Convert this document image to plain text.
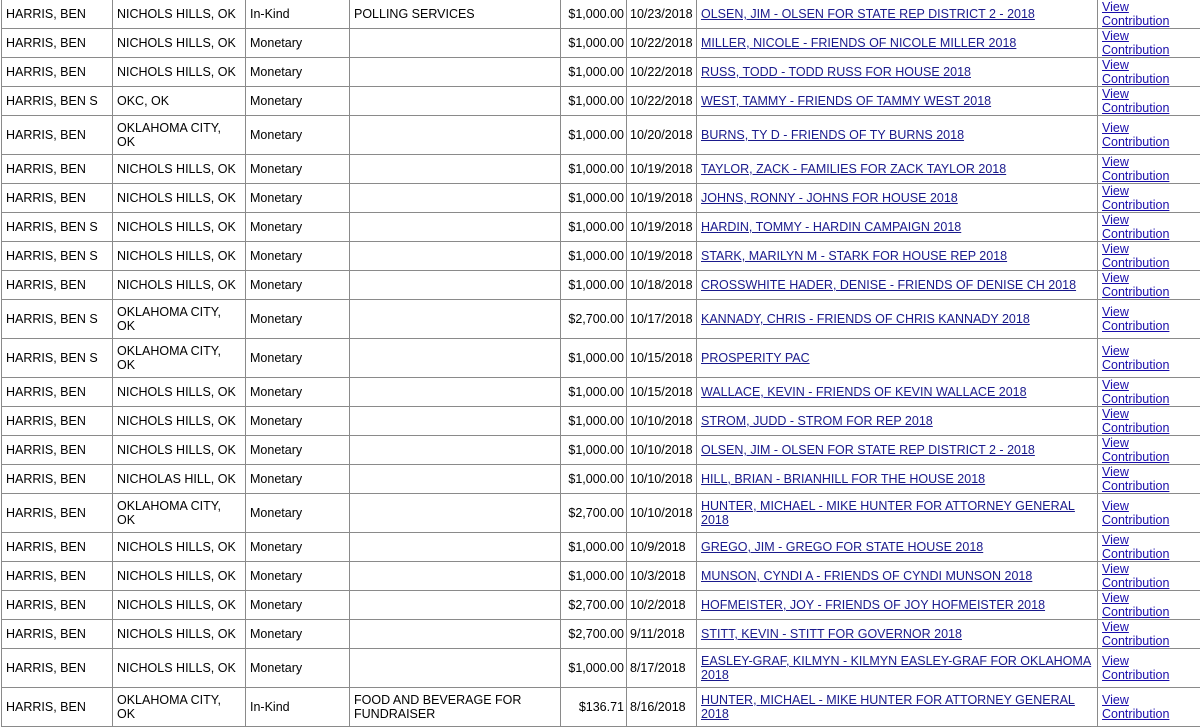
HARRIS, BEN	NICHOLS HILLS, OK	In-Kind	POLLING SERVICES	$1,000.00	10/23/2018	OLSEN, JIM - OLSEN FOR STATE REP DISTRICT 2 - 2018	View Contribution
HARRIS, BEN	NICHOLS HILLS, OK	Monetary		$1,000.00	10/22/2018	MILLER, NICOLE - FRIENDS OF NICOLE MILLER 2018	View Contribution
HARRIS, BEN	NICHOLS HILLS, OK	Monetary		$1,000.00	10/22/2018	RUSS, TODD - TODD RUSS FOR HOUSE 2018	View Contribution
HARRIS, BEN S	OKC, OK	Monetary		$1,000.00	10/22/2018	WEST, TAMMY - FRIENDS OF TAMMY WEST 2018	View Contribution
HARRIS, BEN	OKLAHOMA CITY, OK	Monetary		$1,000.00	10/20/2018	BURNS, TY D - FRIENDS OF TY BURNS 2018	View Contribution
HARRIS, BEN	NICHOLS HILLS, OK	Monetary		$1,000.00	10/19/2018	TAYLOR, ZACK - FAMILIES FOR ZACK TAYLOR 2018	View Contribution
HARRIS, BEN	NICHOLS HILLS, OK	Monetary		$1,000.00	10/19/2018	JOHNS, RONNY - JOHNS FOR HOUSE 2018	View Contribution
HARRIS, BEN S	NICHOLS HILLS, OK	Monetary		$1,000.00	10/19/2018	HARDIN, TOMMY - HARDIN CAMPAIGN 2018	View Contribution
HARRIS, BEN S	NICHOLS HILLS, OK	Monetary		$1,000.00	10/19/2018	STARK, MARILYN M - STARK FOR HOUSE REP 2018	View Contribution
HARRIS, BEN	NICHOLS HILLS, OK	Monetary		$1,000.00	10/18/2018	CROSSWHITE HADER, DENISE - FRIENDS OF DENISE CH 2018	View Contribution
HARRIS, BEN S	OKLAHOMA CITY, OK	Monetary		$2,700.00	10/17/2018	KANNADY, CHRIS - FRIENDS OF CHRIS KANNADY 2018	View Contribution
HARRIS, BEN S	OKLAHOMA CITY, OK	Monetary		$1,000.00	10/15/2018	PROSPERITY PAC	View Contribution
HARRIS, BEN	NICHOLS HILLS, OK	Monetary		$1,000.00	10/15/2018	WALLACE, KEVIN - FRIENDS OF KEVIN WALLACE 2018	View Contribution
HARRIS, BEN	NICHOLS HILLS, OK	Monetary		$1,000.00	10/10/2018	STROM, JUDD - STROM FOR REP 2018	View Contribution
HARRIS, BEN	NICHOLS HILLS, OK	Monetary		$1,000.00	10/10/2018	OLSEN, JIM - OLSEN FOR STATE REP DISTRICT 2 - 2018	View Contribution
HARRIS, BEN	NICHOLAS HILL, OK	Monetary		$1,000.00	10/10/2018	HILL, BRIAN - BRIANHILL FOR THE HOUSE 2018	View Contribution
HARRIS, BEN	OKLAHOMA CITY, OK	Monetary		$2,700.00	10/10/2018	HUNTER, MICHAEL - MIKE HUNTER FOR ATTORNEY GENERAL 2018	View Contribution
HARRIS, BEN	NICHOLS HILLS, OK	Monetary		$1,000.00	10/9/2018	GREGO, JIM - GREGO FOR STATE HOUSE 2018	View Contribution
HARRIS, BEN	NICHOLS HILLS, OK	Monetary		$1,000.00	10/3/2018	MUNSON, CYNDI A - FRIENDS OF CYNDI MUNSON 2018	View Contribution
HARRIS, BEN	NICHOLS HILLS, OK	Monetary		$2,700.00	10/2/2018	HOFMEISTER, JOY - FRIENDS OF JOY HOFMEISTER 2018	View Contribution
HARRIS, BEN	NICHOLS HILLS, OK	Monetary		$2,700.00	9/11/2018	STITT, KEVIN - STITT FOR GOVERNOR 2018	View Contribution
HARRIS, BEN	NICHOLS HILLS, OK	Monetary		$1,000.00	8/17/2018	EASLEY-GRAF, KILMYN - KILMYN EASLEY-GRAF FOR OKLAHOMA 2018	View Contribution
HARRIS, BEN	OKLAHOMA CITY, OK	In-Kind	FOOD AND BEVERAGE FOR FUNDRAISER	$136.71	8/16/2018	HUNTER, MICHAEL - MIKE HUNTER FOR ATTORNEY GENERAL 2018	View Contribution
